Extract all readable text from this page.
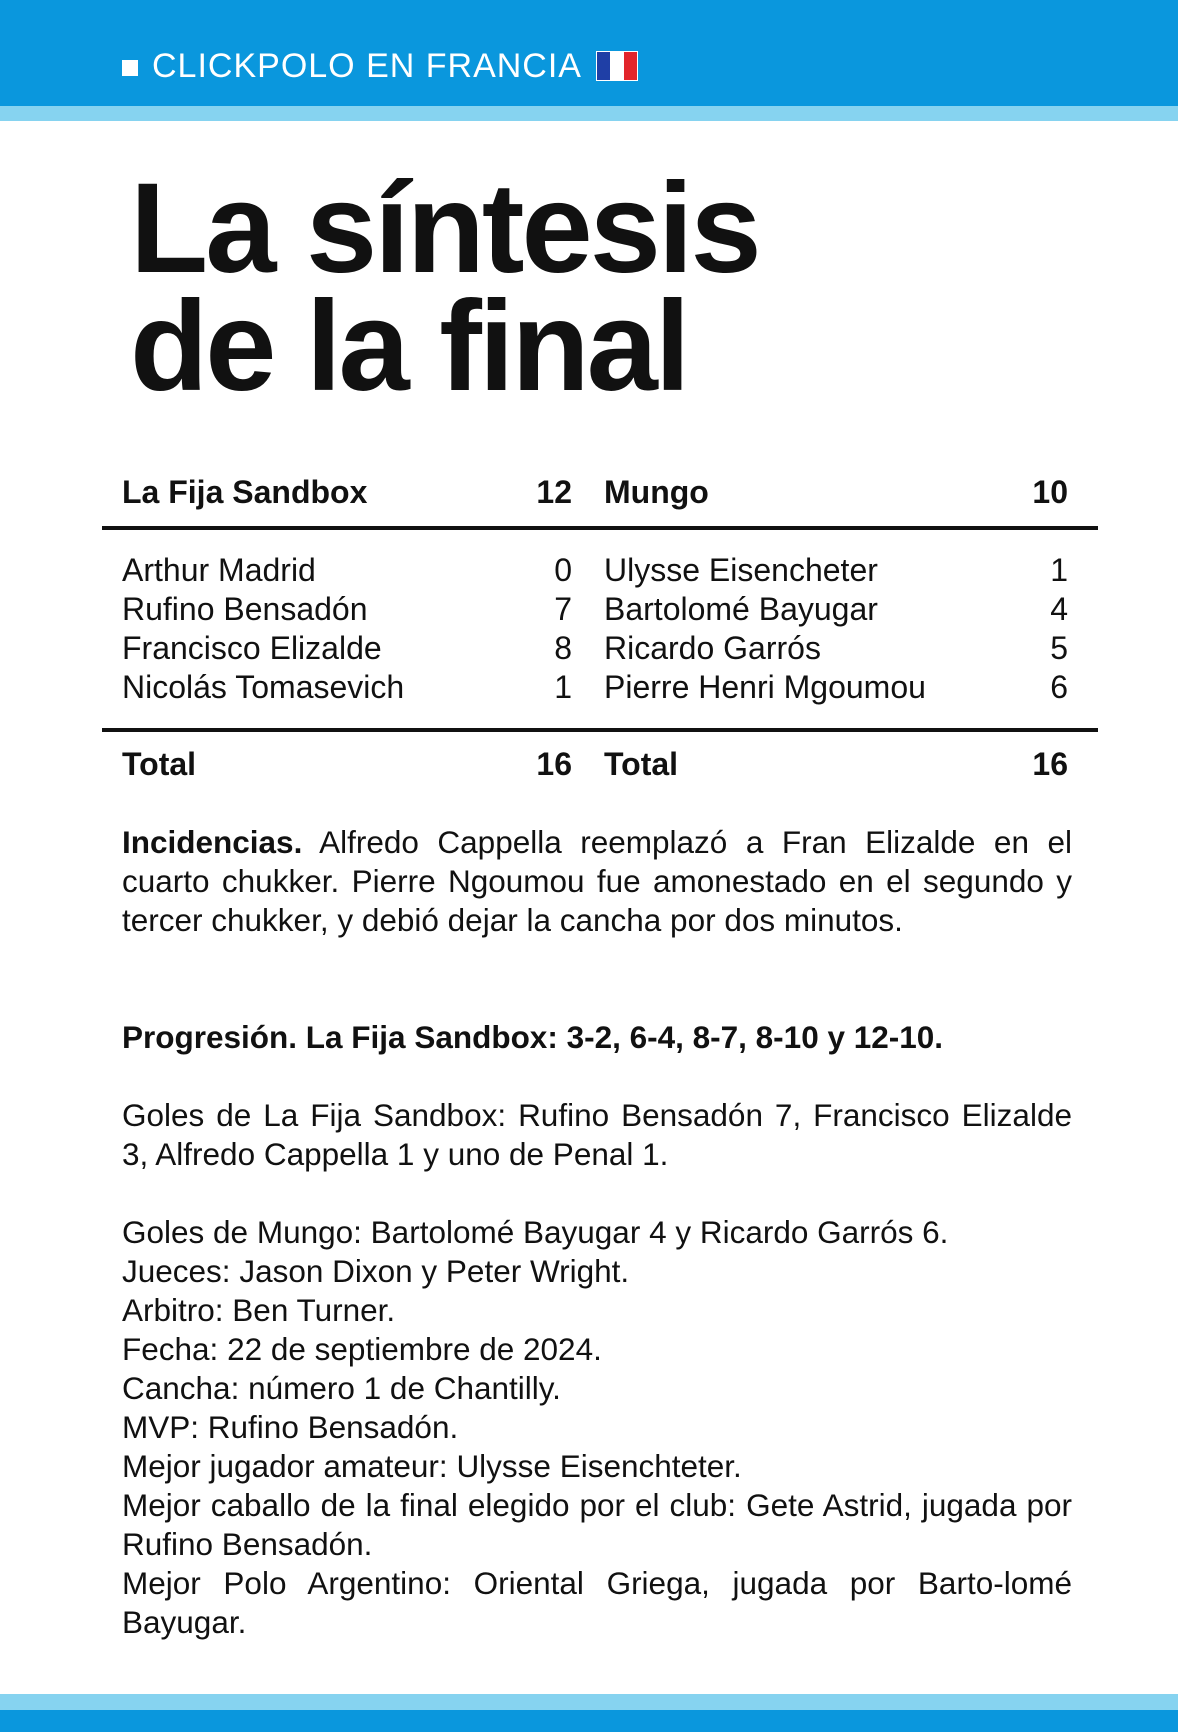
CLICKPOLO EN FRANCIA
La síntesis
de la final
La Fija Sandbox	12 Mungo	10
Arthur Madrid	0 Ulysse Eisencheter	1
Rufino Bensadón	7 Bartolomé Bayugar	4
Francisco Elizalde	8 Ricardo Garrós	5
Nicolás Tomasevich	1 Pierre Henri Mgoumou	6
Total	16 Total	16

Incidencias. Alfredo Cappella reemplazó a Fran Elizalde en el cuarto chukker. Pierre Ngoumou fue amonestado en el segundo y tercer chukker, y debió dejar la cancha por dos minutos.

Progresión. La Fija Sandbox: 3-2, 6-4, 8-7, 8-10 y 12-10.

Goles de La Fija Sandbox: Rufino Bensadón 7, Francisco Elizalde 3, Alfredo Cappella 1 y uno de Penal 1.

Goles de Mungo: Bartolomé Bayugar 4 y Ricardo Garrós 6.
Jueces: Jason Dixon y Peter Wright.
Arbitro: Ben Turner.
Fecha: 22 de septiembre de 2024.
Cancha: número 1 de Chantilly.
MVP: Rufino Bensadón.
Mejor jugador amateur: Ulysse Eisenchteter.
Mejor caballo de la final elegido por el club: Gete Astrid, jugada por Rufino Bensadón.
Mejor Polo Argentino: Oriental Griega, jugada por Barto-lomé Bayugar.
